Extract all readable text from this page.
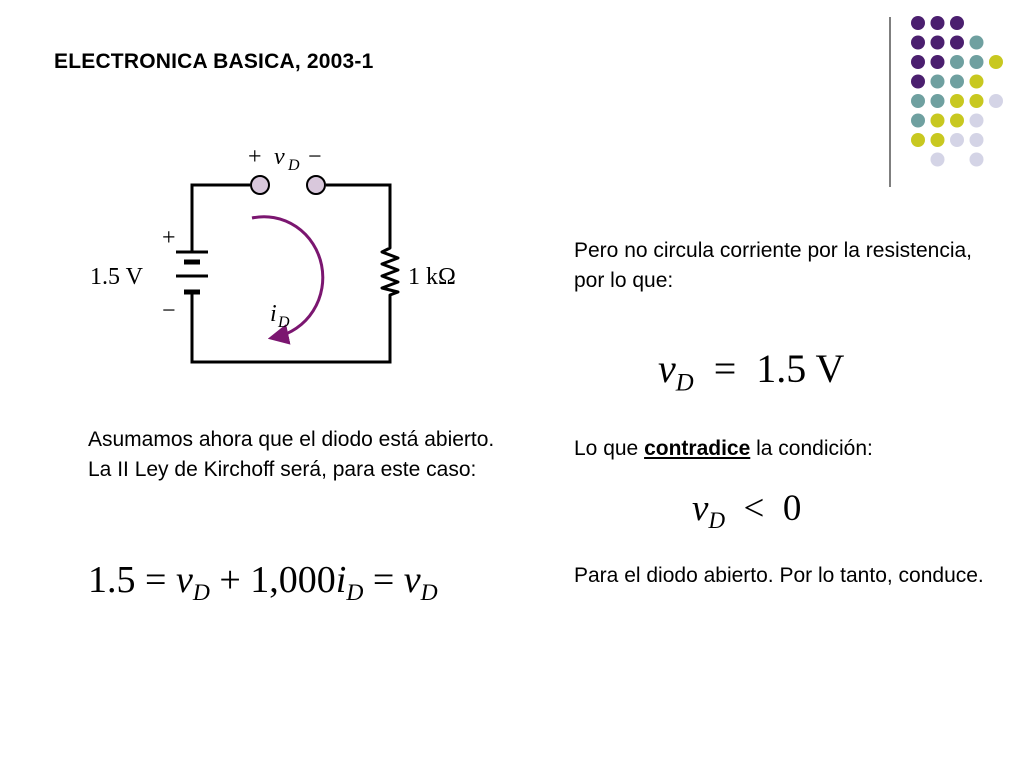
ELECTRONICA BASICA, 2003-1
+ v D −
+
1.5 V
−
1 kΩ
i D
Pero no circula corriente por la resistencia, por lo que:
$v_D = 1.5$ V
Asumamos ahora que el diodo está abierto. La II Ley de Kirchoff será, para este caso:
Lo que contradice la condición:
$v_D < 0$
Para el diodo abierto. Por lo tanto, conduce.
$1.5 = v_D + 1,000i_D = v_D$
